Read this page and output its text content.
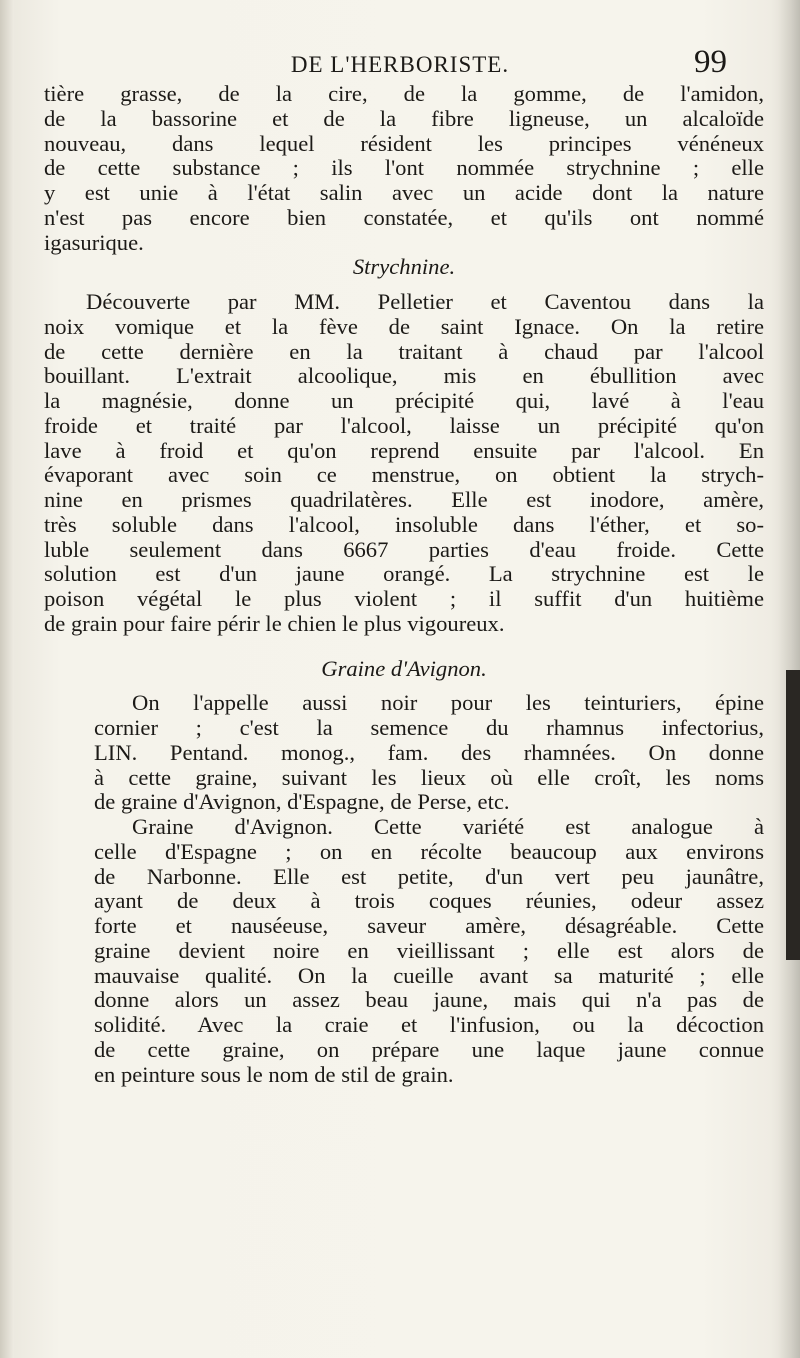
DE L'HERBORISTE.	99
tière grasse, de la cire, de la gomme, de l'amidon,
de la bassorine et de la fibre ligneuse, un alcaloïde
nouveau, dans lequel résident les principes vénéneux
de cette substance ; ils l'ont nommée strychnine ; elle
y est unie à l'état salin avec un acide dont la nature
n'est pas encore bien constatée, et qu'ils ont nommé
igasurique.
Strychnine.
Découverte par MM. Pelletier et Caventou dans la
noix vomique et la fève de saint Ignace. On la retire
de cette dernière en la traitant à chaud par l'alcool
bouillant. L'extrait alcoolique, mis en ébullition avec
la magnésie, donne un précipité qui, lavé à l'eau
froide et traité par l'alcool, laisse un précipité qu'on
lave à froid et qu'on reprend ensuite par l'alcool. En
évaporant avec soin ce menstrue, on obtient la strych-
nine en prismes quadrilatères. Elle est inodore, amère,
très soluble dans l'alcool, insoluble dans l'éther, et so-
luble seulement dans 6667 parties d'eau froide. Cette
solution est d'un jaune orangé. La strychnine est le
poison végétal le plus violent ; il suffit d'un huitième
de grain pour faire périr le chien le plus vigoureux.
Graine d'Avignon.
On l'appelle aussi noir pour les teinturiers, épine
cornier ; c'est la semence du rhamnus infectorius,
LIN. Pentand. monog., fam. des rhamnées. On donne
à cette graine, suivant les lieux où elle croît, les noms
de graine d'Avignon, d'Espagne, de Perse, etc.
Graine d'Avignon. Cette variété est analogue à
celle d'Espagne ; on en récolte beaucoup aux environs
de Narbonne. Elle est petite, d'un vert peu jaunâtre,
ayant de deux à trois coques réunies, odeur assez
forte et nauséeuse, saveur amère, désagréable. Cette
graine devient noire en vieillissant ; elle est alors de
mauvaise qualité. On la cueille avant sa maturité ; elle
donne alors un assez beau jaune, mais qui n'a pas de
solidité. Avec la craie et l'infusion, ou la décoction
de cette graine, on prépare une laque jaune connue
en peinture sous le nom de stil de grain.
